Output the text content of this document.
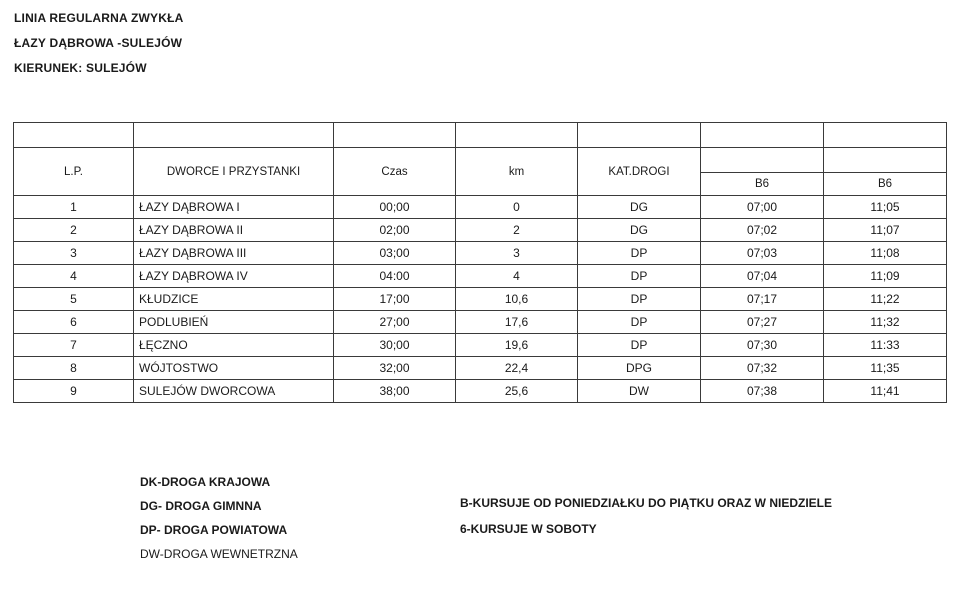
LINIA REGULARNA ZWYKŁA
ŁAZY DĄBROWA -SULEJÓW
KIERUNEK: SULEJÓW

L.P.	DWORCE I PRZYSTANKI	Czas	km	KAT.DROGI		
					B6	B6
1	ŁAZY DĄBROWA I	00;00	0	DG	07;00	11;05
2	ŁAZY DĄBROWA II	02;00	2	DG	07;02	11;07
3	ŁAZY DĄBROWA III	03;00	3	DP	07;03	11;08
4	ŁAZY DĄBROWA IV	04:00	4	DP	07;04	11;09
5	KŁUDZICE	17;00	10,6	DP	07;17	11;22
6	PODLUBIEŃ	27;00	17,6	DP	07;27	11;32
7	ŁĘCZNO	30;00	19,6	DP	07;30	11:33
8	WÓJTOSTWO	32;00	22,4	DPG	07;32	11;35
9	SULEJÓW DWORCOWA	38;00	25,6	DW	07;38	11;41
DK-DROGA KRAJOWA
DG- DROGA GIMNNA
DP- DROGA POWIATOWA
DW-DROGA WEWNETRZNA
B-KURSUJE OD PONIEDZIAŁKU DO PIĄTKU ORAZ W NIEDZIELE
6-KURSUJE W SOBOTY
